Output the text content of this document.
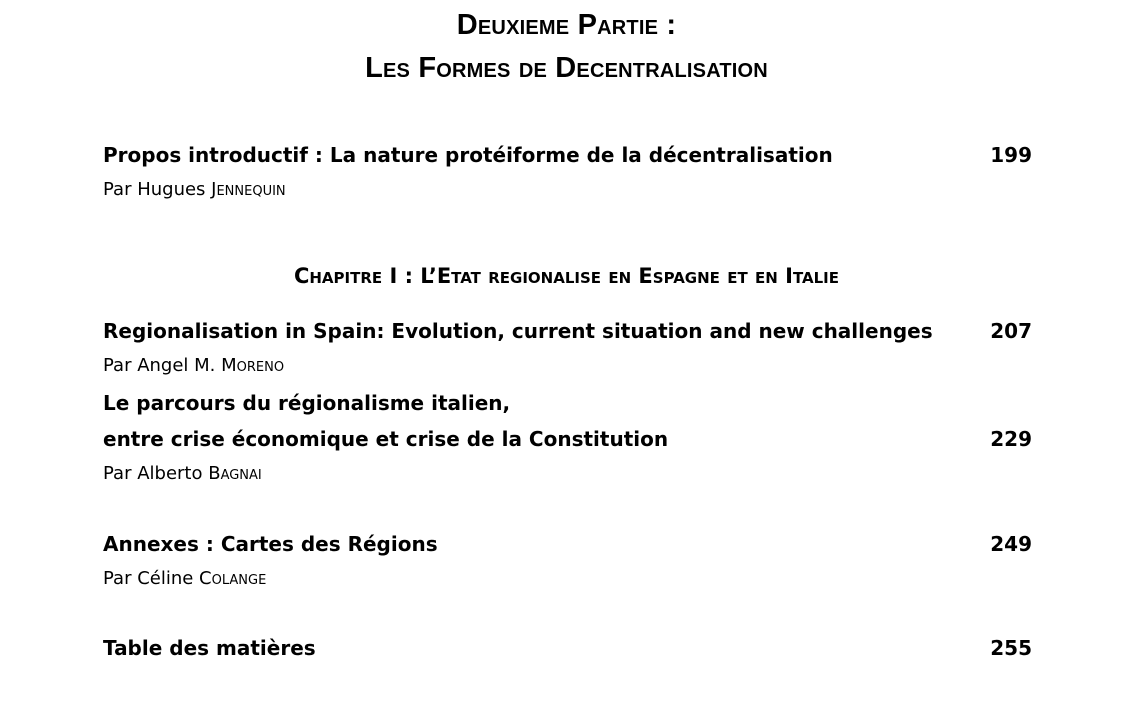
Deuxieme Partie :
Les Formes de Decentralisation
Propos introductif : La nature protéiforme de la décentralisation	199
Par Hugues Jennequin
Chapitre I : L’Etat regionalise en Espagne et en Italie
Regionalisation in Spain: Evolution, current situation and new challenges	207
Par Angel M. Moreno
Le parcours du régionalisme italien,
entre crise économique et crise de la Constitution	229
Par Alberto Bagnai
Annexes : Cartes des Régions	249
Par Céline Colange
Table des matières	255
